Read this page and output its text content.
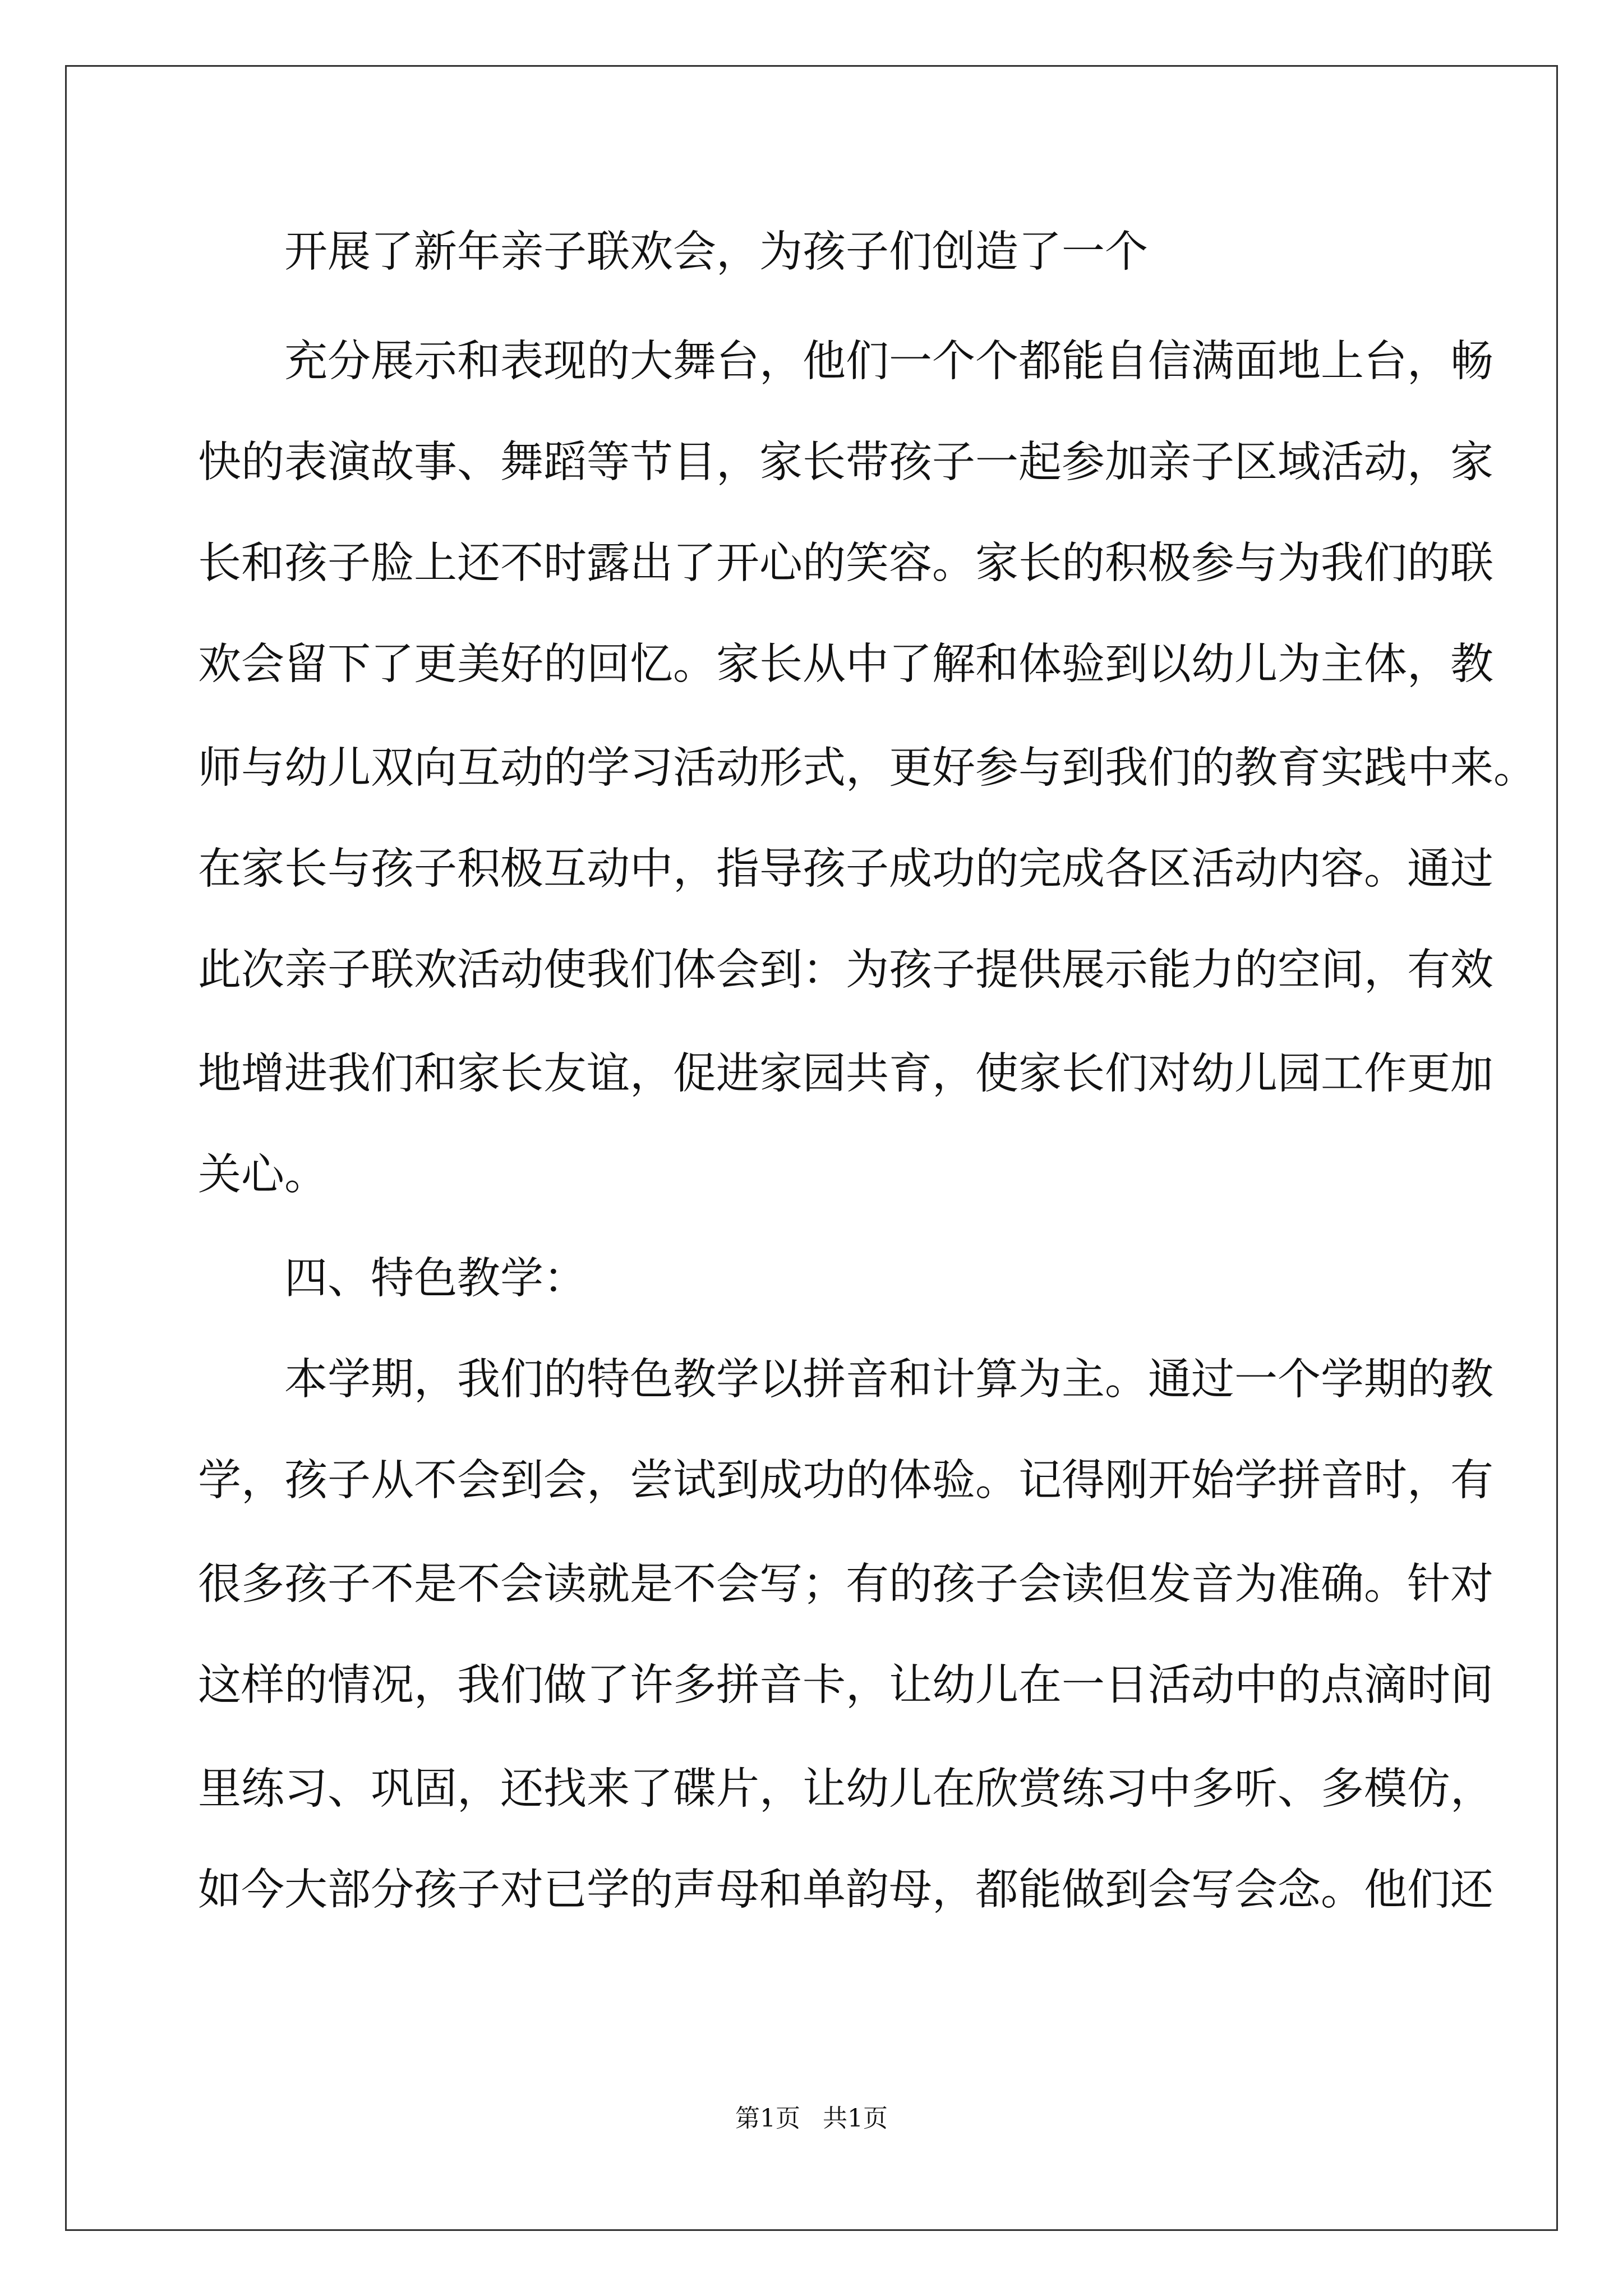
开展了新年亲子联欢会，为孩子们创造了一个
充分展示和表现的大舞台，他们一个个都能自信满面地上台，畅
快的表演故事、舞蹈等节目，家长带孩子一起参加亲子区域活动，家
长和孩子脸上还不时露出了开心的笑容。家长的积极参与为我们的联
欢会留下了更美好的回忆。家长从中了解和体验到以幼儿为主体，教
师与幼儿双向互动的学习活动形式，更好参与到我们的教育实践中来。
在家长与孩子积极互动中，指导孩子成功的完成各区活动内容。通过
此次亲子联欢活动使我们体会到：为孩子提供展示能力的空间，有效
地增进我们和家长友谊，促进家园共育，使家长们对幼儿园工作更加
关心。
四、特色教学：
本学期，我们的特色教学以拼音和计算为主。通过一个学期的教
学，孩子从不会到会，尝试到成功的体验。记得刚开始学拼音时，有
很多孩子不是不会读就是不会写；有的孩子会读但发音为准确。针对
这样的情况，我们做了许多拼音卡，让幼儿在一日活动中的点滴时间
里练习、巩固，还找来了碟片，让幼儿在欣赏练习中多听、多模仿，
如今大部分孩子对已学的声母和单韵母，都能做到会写会念。他们还
第1页 共1页
